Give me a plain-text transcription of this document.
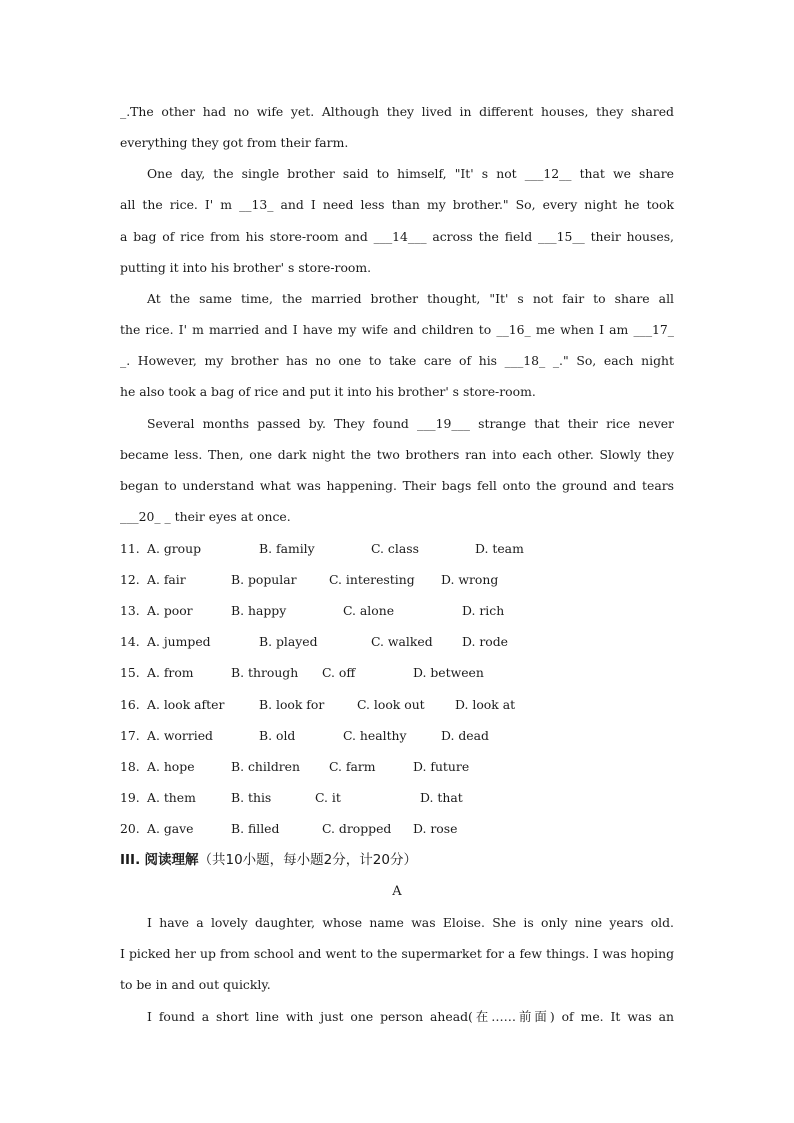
_.The other had no wife yet. Although they lived in different houses, they shared
everything they got from their farm.
One day, the single brother said to himself, "It' s not ___12__ that we share
all the rice. I' m __13_ and I need less than my brother." So, every night he took
a bag of rice from his store-room and ___14___ across the field ___15__ their houses,
putting it into his brother' s store-room.
At the same time, the married brother thought, "It' s not fair to share all
the rice. I' m married and I have my wife and children to __16_ me when I am ___17_
_. However, my brother has no one to take care of his ___18_ _." So, each night
he also took a bag of rice and put it into his brother' s store-room.
Several months passed by. They found ___19___ strange that their rice never
became less. Then, one dark night the two brothers ran into each other. Slowly they
began to understand what was happening. Their bags fell onto the ground and tears
___20_ _ their eyes at once.
11. A. group	B. family	C. class	D. team
12. A. fair	B. popular	C. interesting D. wrong
13. A. poor	B. happy	C. alone	D. rich
14. A. jumped	B. played	C. walked D. rode
15. A. from	B. through C. off	D. between
16. A. look after	B. look for	C. look out D. look at
17. A. worried	B. old	C. healthy	D. dead
18. A. hope	B. children C. farm	D. future
19. A. them	B. this	C. it	D. that
20. A. gave	B. filled	C. dropped D. rose
III. 阅读理解（共10小题，每小题2分，计20分）
A
I have a lovely daughter, whose name was Eloise. She is only nine years old.
I picked her up from school and went to the supermarket for a few things. I was hoping
to be in and out quickly.
I found a short line with just one person ahead(在……前面) of me. It was an
